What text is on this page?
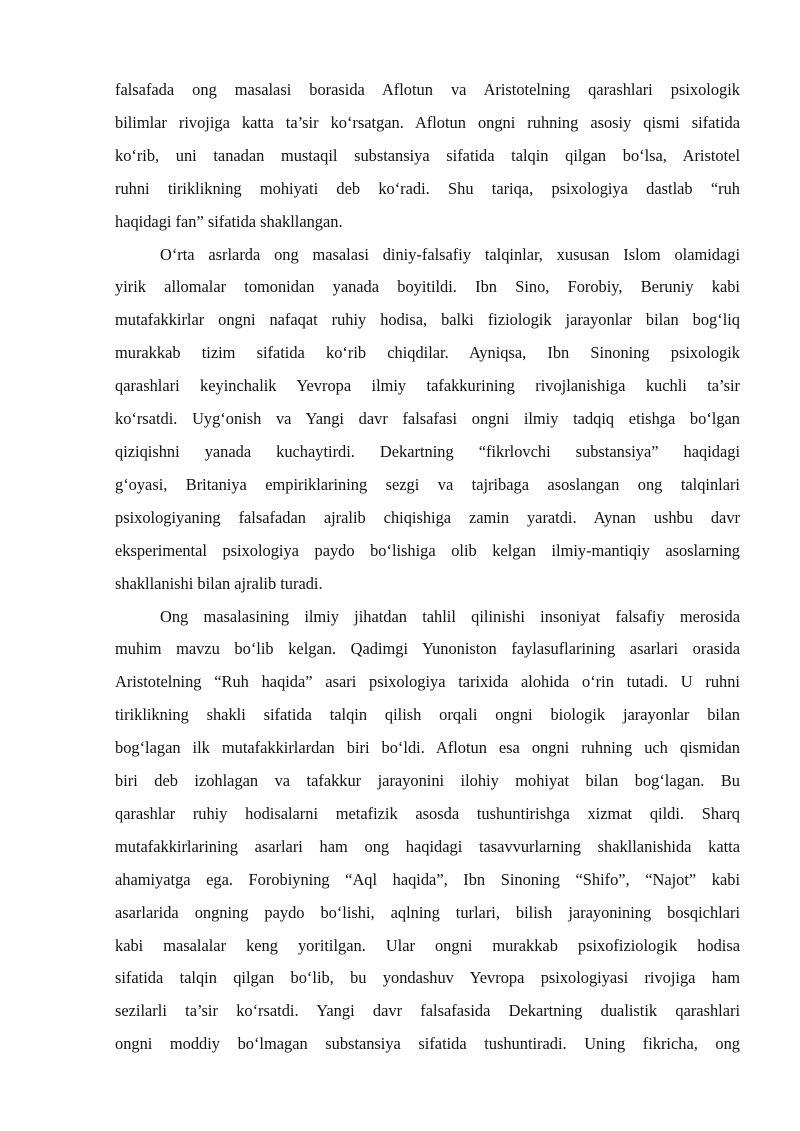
falsafada ong masalasi borasida Aflotun va Aristotelning qarashlari psixologik
bilimlar rivojiga katta ta’sir ko‘rsatgan. Aflotun ongni ruhning asosiy qismi sifatida
ko‘rib, uni tanadan mustaqil substansiya sifatida talqin qilgan bo‘lsa, Aristotel
ruhni tiriklikning mohiyati deb ko‘radi. Shu tariqa, psixologiya dastlab “ruh
haqidagi fan” sifatida shakllangan.
O‘rta asrlarda ong masalasi diniy-falsafiy talqinlar, xususan Islom olamidagi
yirik allomalar tomonidan yanada boyitildi. Ibn Sino, Forobiy, Beruniy kabi
mutafakkirlar ongni nafaqat ruhiy hodisa, balki fiziologik jarayonlar bilan bog‘liq
murakkab tizim sifatida ko‘rib chiqdilar. Ayniqsa, Ibn Sinoning psixologik
qarashlari keyinchalik Yevropa ilmiy tafakkurining rivojlanishiga kuchli ta’sir
ko‘rsatdi. Uyg‘onish va Yangi davr falsafasi ongni ilmiy tadqiq etishga bo‘lgan
qiziqishni yanada kuchaytirdi. Dekartning “fikrlovchi substansiya” haqidagi
g‘oyasi, Britaniya empiriklarining sezgi va tajribaga asoslangan ong talqinlari
psixologiyaning falsafadan ajralib chiqishiga zamin yaratdi. Aynan ushbu davr
eksperimental psixologiya paydo bo‘lishiga olib kelgan ilmiy-mantiqiy asoslarning
shakllanishi bilan ajralib turadi.
Ong masalasining ilmiy jihatdan tahlil qilinishi insoniyat falsafiy merosida
muhim mavzu bo‘lib kelgan. Qadimgi Yunoniston faylasuflarining asarlari orasida
Aristotelning “Ruh haqida” asari psixologiya tarixida alohida o‘rin tutadi. U ruhni
tiriklikning shakli sifatida talqin qilish orqali ongni biologik jarayonlar bilan
bog‘lagan ilk mutafakkirlardan biri bo‘ldi. Aflotun esa ongni ruhning uch qismidan
biri deb izohlagan va tafakkur jarayonini ilohiy mohiyat bilan bog‘lagan. Bu
qarashlar ruhiy hodisalarni metafizik asosda tushuntirishga xizmat qildi. Sharq
mutafakkirlarining asarlari ham ong haqidagi tasavvurlarning shakllanishida katta
ahamiyatga ega. Forobiyning “Aql haqida”, Ibn Sinoning “Shifo”, “Najot” kabi
asarlarida ongning paydo bo‘lishi, aqlning turlari, bilish jarayonining bosqichlari
kabi masalalar keng yoritilgan. Ular ongni murakkab psixofiziologik hodisa
sifatida talqin qilgan bo‘lib, bu yondashuv Yevropa psixologiyasi rivojiga ham
sezilarli ta’sir ko‘rsatdi. Yangi davr falsafasida Dekartning dualistik qarashlari
ongni moddiy bo‘lmagan substansiya sifatida tushuntiradi. Uning fikricha, ong
